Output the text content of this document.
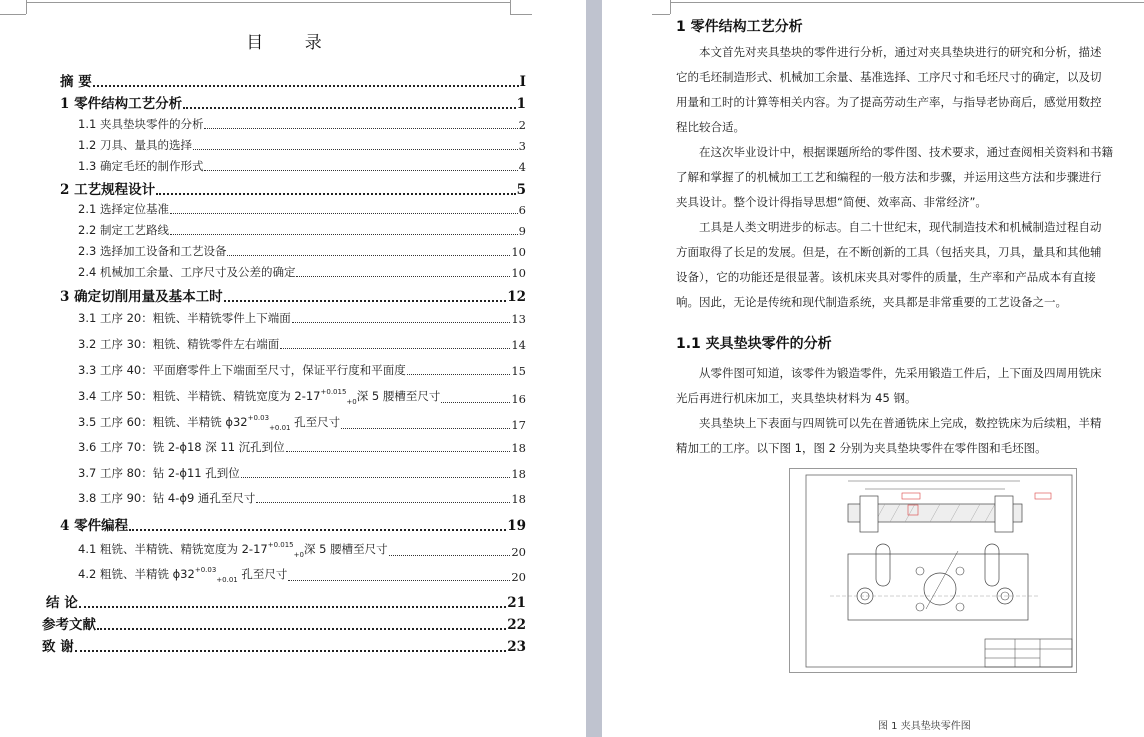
目 录
摘 要	I
1 零件结构工艺分析	1
1.1 夹具垫块零件的分析	2
1.2 刀具、量具的选择	3
1.3 确定毛坯的制作形式	4
2 工艺规程设计	5
2.1 选择定位基准	6
2.2 制定工艺路线	9
2.3 选择加工设备和工艺设备	10
2.4 机械加工余量、工序尺寸及公差的确定	10
3 确定切削用量及基本工时	12
3.1 工序 20：粗铣、半精铣零件上下端面	13
3.2 工序 30：粗铣、精铣零件左右端面	14
3.3 工序 40：平面磨零件上下端面至尺寸，保证平行度和平面度	15
3.4 工序 50：粗铣、半精铣、精铣宽度为 $2-17^{+0.015}_{+0}$深 5 腰槽至尺寸	16
3.5 工序 60：粗铣、半精铣 $\phi 32^{+0.03}_{+0.01}$ 孔至尺寸	17
3.6 工序 70：铣 2-ϕ18 深 11 沉孔到位	18
3.7 工序 80：钻 2-ϕ11 孔到位	18
3.8 工序 90：钻 4-ϕ9 通孔至尺寸	18
4 零件编程	19
4.1 粗铣、半精铣、精铣宽度为 $2-17^{+0.015}_{+0}$深 5 腰槽至尺寸	20
4.2 粗铣、半精铣 $\phi 32^{+0.03}_{+0.01}$ 孔至尺寸	20
结 论	21
参考文献	22
致 谢	23
1 零件结构工艺分析
　　本文首先对夹具垫块的零件进行分析，通过对夹具垫块进行的研究和分析，描述
它的毛坯制造形式、机械加工余量、基准选择、工序尺寸和毛坯尺寸的确定，以及切
用量和工时的计算等相关内容。为了提高劳动生产率，与指导老协商后，感觉用数控
程比较合适。
　　在这次毕业设计中，根据课题所给的零件图、技术要求，通过查阅相关资料和书籍
了解和掌握了的机械加工工艺和编程的一般方法和步骤，并运用这些方法和步骤进行
夹具设计。整个设计得指导思想“简便、效率高、非常经济”。
　　工具是人类文明进步的标志。自二十世纪末，现代制造技术和机械制造过程自动
方面取得了长足的发展。但是，在不断创新的工具（包括夹具，刀具，量具和其他辅
设备），它的功能还是很显著。该机床夹具对零件的质量，生产率和产品成本有直接
响。因此，无论是传统和现代制造系统，夹具都是非常重要的工艺设备之一。
1.1 夹具垫块零件的分析
　　从零件图可知道，该零件为锻造零件，先采用锻造工件后，上下面及四周用铣床
光后再进行机床加工，夹具垫块材料为 45 钢。
　　夹具垫块上下表面与四周铣可以先在普通铣床上完成，数控铣床为后续粗，半精
精加工的工序。以下图 1，图 2 分别为夹具垫块零件在零件图和毛坯图。
图 1 夹具垫块零件图
